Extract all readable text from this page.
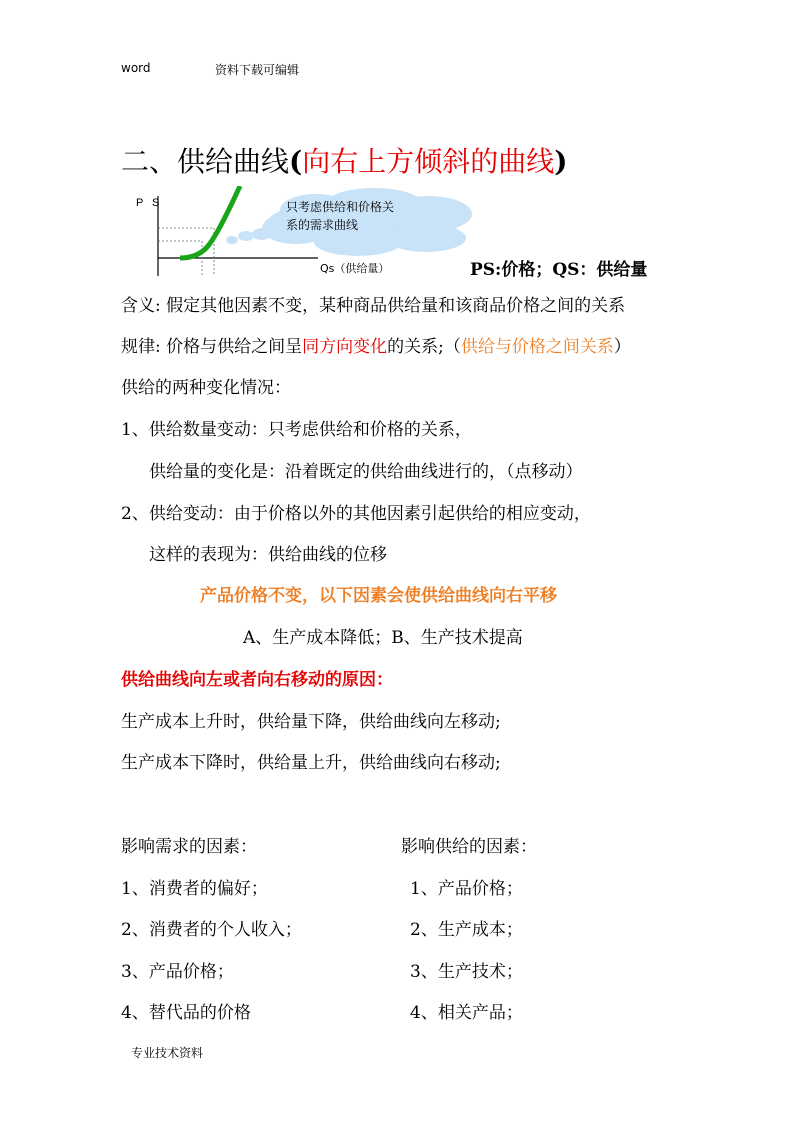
word	资料下载可编辑
二、供给曲线(向右上方倾斜的曲线)
P S
Qs（供给量）
只考虑供给和价格关
系的需求曲线
PS:价格；QS：供给量
含义: 假定其他因素不变，某种商品供给量和该商品价格之间的关系
规律: 价格与供给之间呈同方向变化的关系;（供给与价格之间关系）
供给的两种变化情况：
1、供给数量变动：只考虑供给和价格的关系，
供给量的变化是：沿着既定的供给曲线进行的，（点移动）
2、供给变动：由于价格以外的其他因素引起供给的相应变动，
这样的表现为：供给曲线的位移
产品价格不变，以下因素会使供给曲线向右平移
A、生产成本降低；B、生产技术提高
供给曲线向左或者向右移动的原因：
生产成本上升时，供给量下降，供给曲线向左移动;
生产成本下降时，供给量上升，供给曲线向右移动;
影响需求的因素：
1、消费者的偏好；
2、消费者的个人收入；
3、产品价格；
4、替代品的价格
影响供给的因素：
1、产品价格；
2、生产成本；
3、生产技术；
4、相关产品；
专业技术资料
